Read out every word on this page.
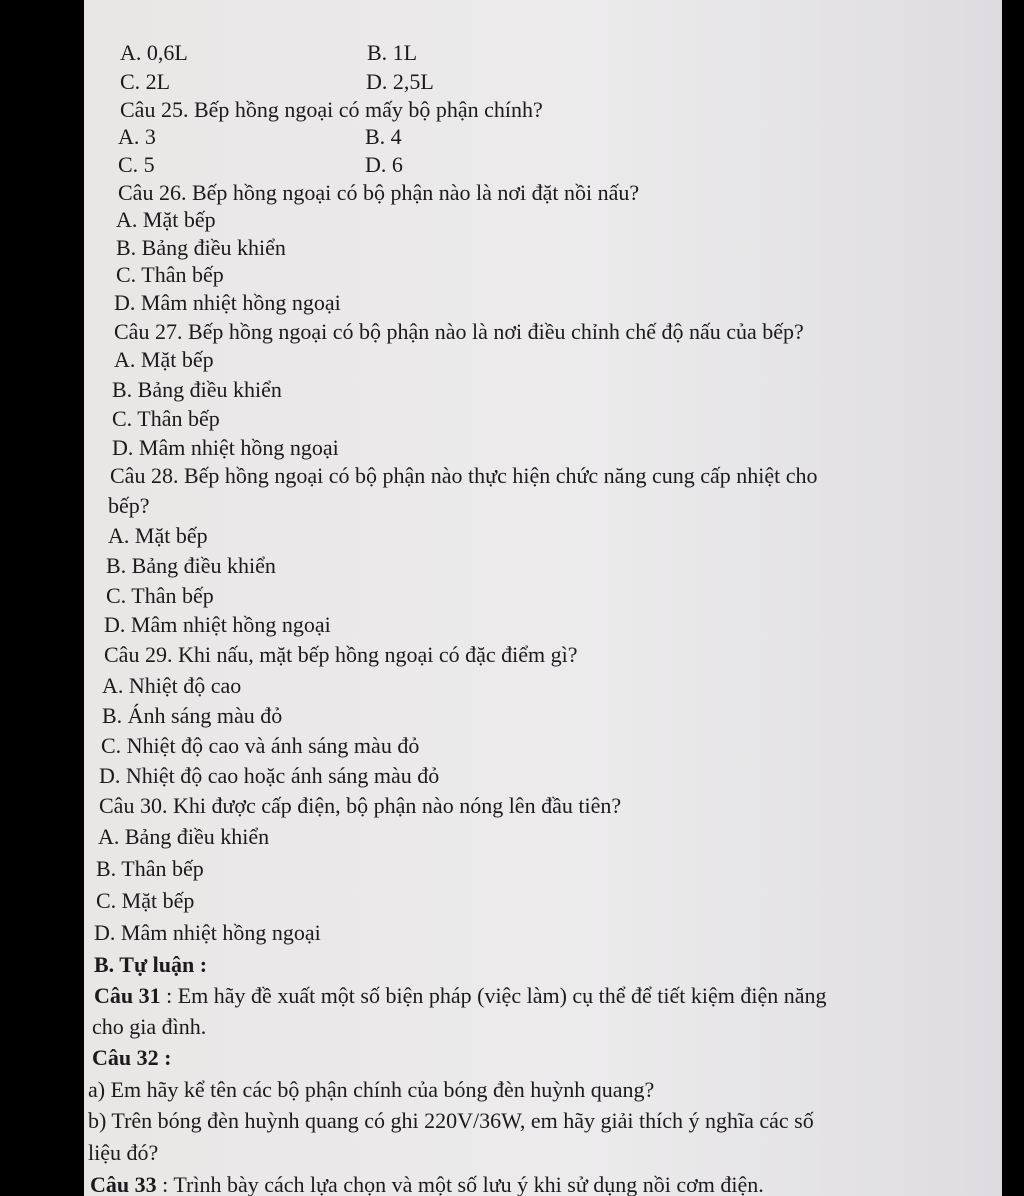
A. 0,6L	B. 1L
C. 2L	D. 2,5L
Câu 25. Bếp hồng ngoại có mấy bộ phận chính?
A. 3	B. 4
C. 5	D. 6
Câu 26. Bếp hồng ngoại có bộ phận nào là nơi đặt nồi nấu?
A. Mặt bếp
B. Bảng điều khiển
C. Thân bếp
D. Mâm nhiệt hồng ngoại
Câu 27. Bếp hồng ngoại có bộ phận nào là nơi điều chỉnh chế độ nấu của bếp?
A. Mặt bếp
B. Bảng điều khiển
C. Thân bếp
D. Mâm nhiệt hồng ngoại
Câu 28. Bếp hồng ngoại có bộ phận nào thực hiện chức năng cung cấp nhiệt cho
bếp?
A. Mặt bếp
B. Bảng điều khiển
C. Thân bếp
D. Mâm nhiệt hồng ngoại
Câu 29. Khi nấu, mặt bếp hồng ngoại có đặc điểm gì?
A. Nhiệt độ cao
B. Ánh sáng màu đỏ
C. Nhiệt độ cao và ánh sáng màu đỏ
D. Nhiệt độ cao hoặc ánh sáng màu đỏ
Câu 30. Khi được cấp điện, bộ phận nào nóng lên đầu tiên?
A. Bảng điều khiển
B. Thân bếp
C. Mặt bếp
D. Mâm nhiệt hồng ngoại
B. Tự luận :
Câu 31 : Em hãy đề xuất một số biện pháp (việc làm) cụ thể để tiết kiệm điện năng
cho gia đình.
Câu 32 :
a) Em hãy kể tên các bộ phận chính của bóng đèn huỳnh quang?
b) Trên bóng đèn huỳnh quang có ghi 220V/36W, em hãy giải thích ý nghĩa các số
liệu đó?
Câu 33 : Trình bày cách lựa chọn và một số lưu ý khi sử dụng nồi cơm điện.
